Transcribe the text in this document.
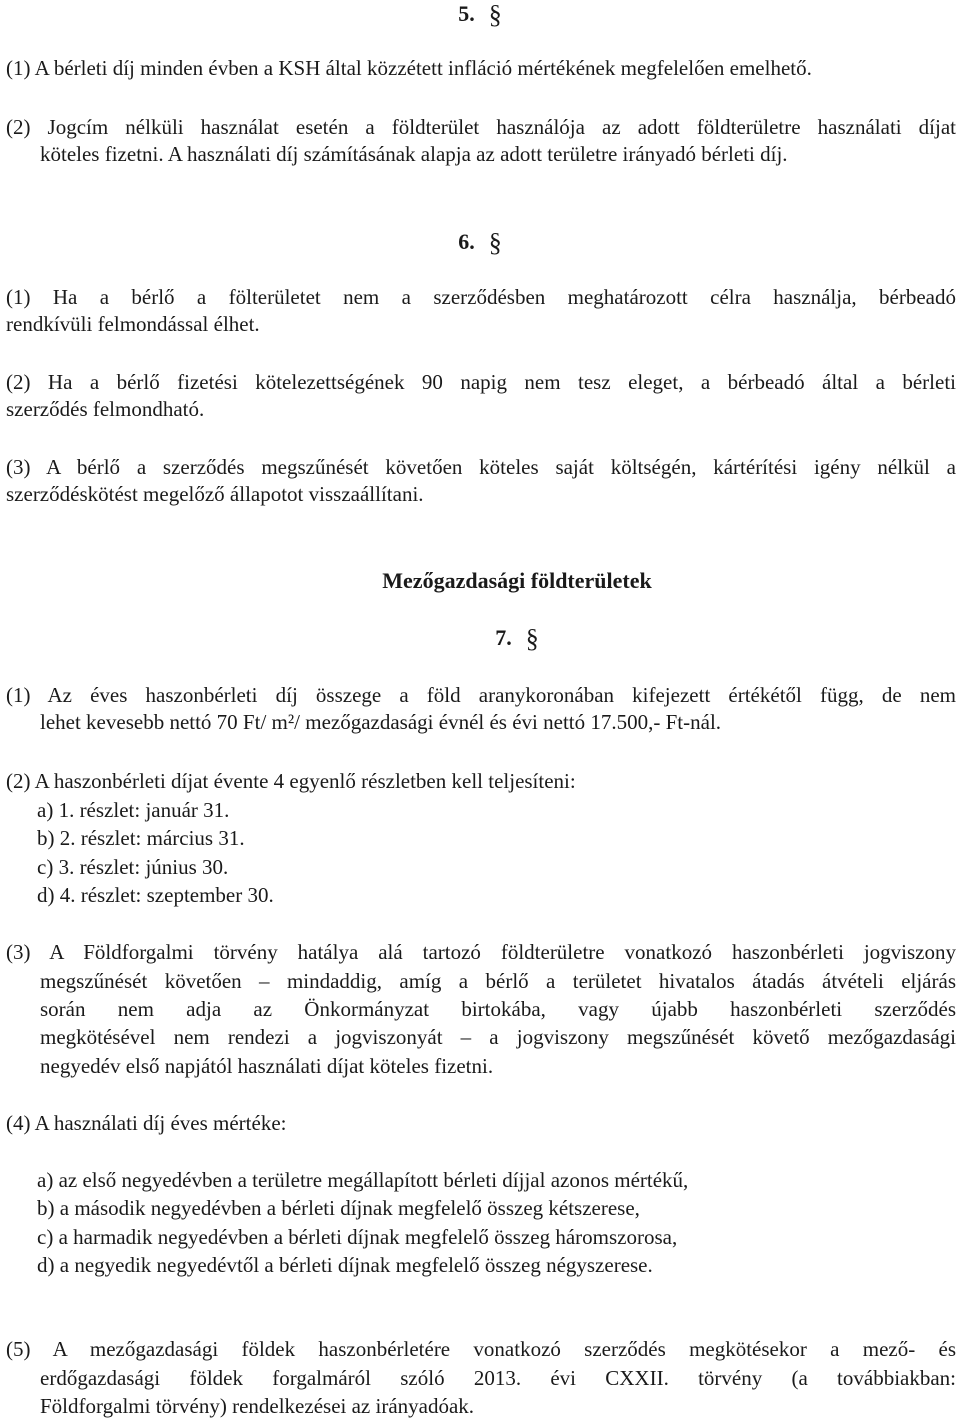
5. §
(1) A bérleti díj minden évben a KSH által közzétett infláció mértékének megfelelően emelhető.
(2) Jogcím nélküli használat esetén a földterület használója az adott földterületre használati díjat
köteles fizetni. A használati díj számításának alapja az adott területre irányadó bérleti díj.
6. §
(1) Ha a bérlő a fölterületet nem a szerződésben meghatározott célra használja, bérbeadó
rendkívüli felmondással élhet.
(2) Ha a bérlő fizetési kötelezettségének 90 napig nem tesz eleget, a bérbeadó által a bérleti
szerződés felmondható.
(3) A bérlő a szerződés megszűnését követően köteles saját költségén, kártérítési igény nélkül a
szerződéskötést megelőző állapotot visszaállítani.
Mezőgazdasági földterületek
7. §
(1) Az éves haszonbérleti díj összege a föld aranykoronában kifejezett értékétől függ, de nem
lehet kevesebb nettó 70 Ft/ m²/ mezőgazdasági évnél és évi nettó 17.500,- Ft-nál.
(2) A haszonbérleti díjat évente 4 egyenlő részletben kell teljesíteni:
a) 1. részlet: január 31.
b) 2. részlet: március 31.
c) 3. részlet: június 30.
d) 4. részlet: szeptember 30.
(3) A Földforgalmi törvény hatálya alá tartozó földterületre vonatkozó haszonbérleti jogviszony
megszűnését követően – mindaddig, amíg a bérlő a területet hivatalos átadás átvételi eljárás
során nem adja az Önkormányzat birtokába, vagy újabb haszonbérleti szerződés
megkötésével nem rendezi a jogviszonyát – a jogviszony megszűnését követő mezőgazdasági
negyedév első napjától használati díjat köteles fizetni.
(4) A használati díj éves mértéke:
a) az első negyedévben a területre megállapított bérleti díjjal azonos mértékű,
b) a második negyedévben a bérleti díjnak megfelelő összeg kétszerese,
c) a harmadik negyedévben a bérleti díjnak megfelelő összeg háromszorosa,
d) a negyedik negyedévtől a bérleti díjnak megfelelő összeg négyszerese.
(5) A mezőgazdasági földek haszonbérletére vonatkozó szerződés megkötésekor a mező- és
erdőgazdasági földek forgalmáról szóló 2013. évi CXXII. törvény (a továbbiakban:
Földforgalmi törvény) rendelkezései az irányadóak.
